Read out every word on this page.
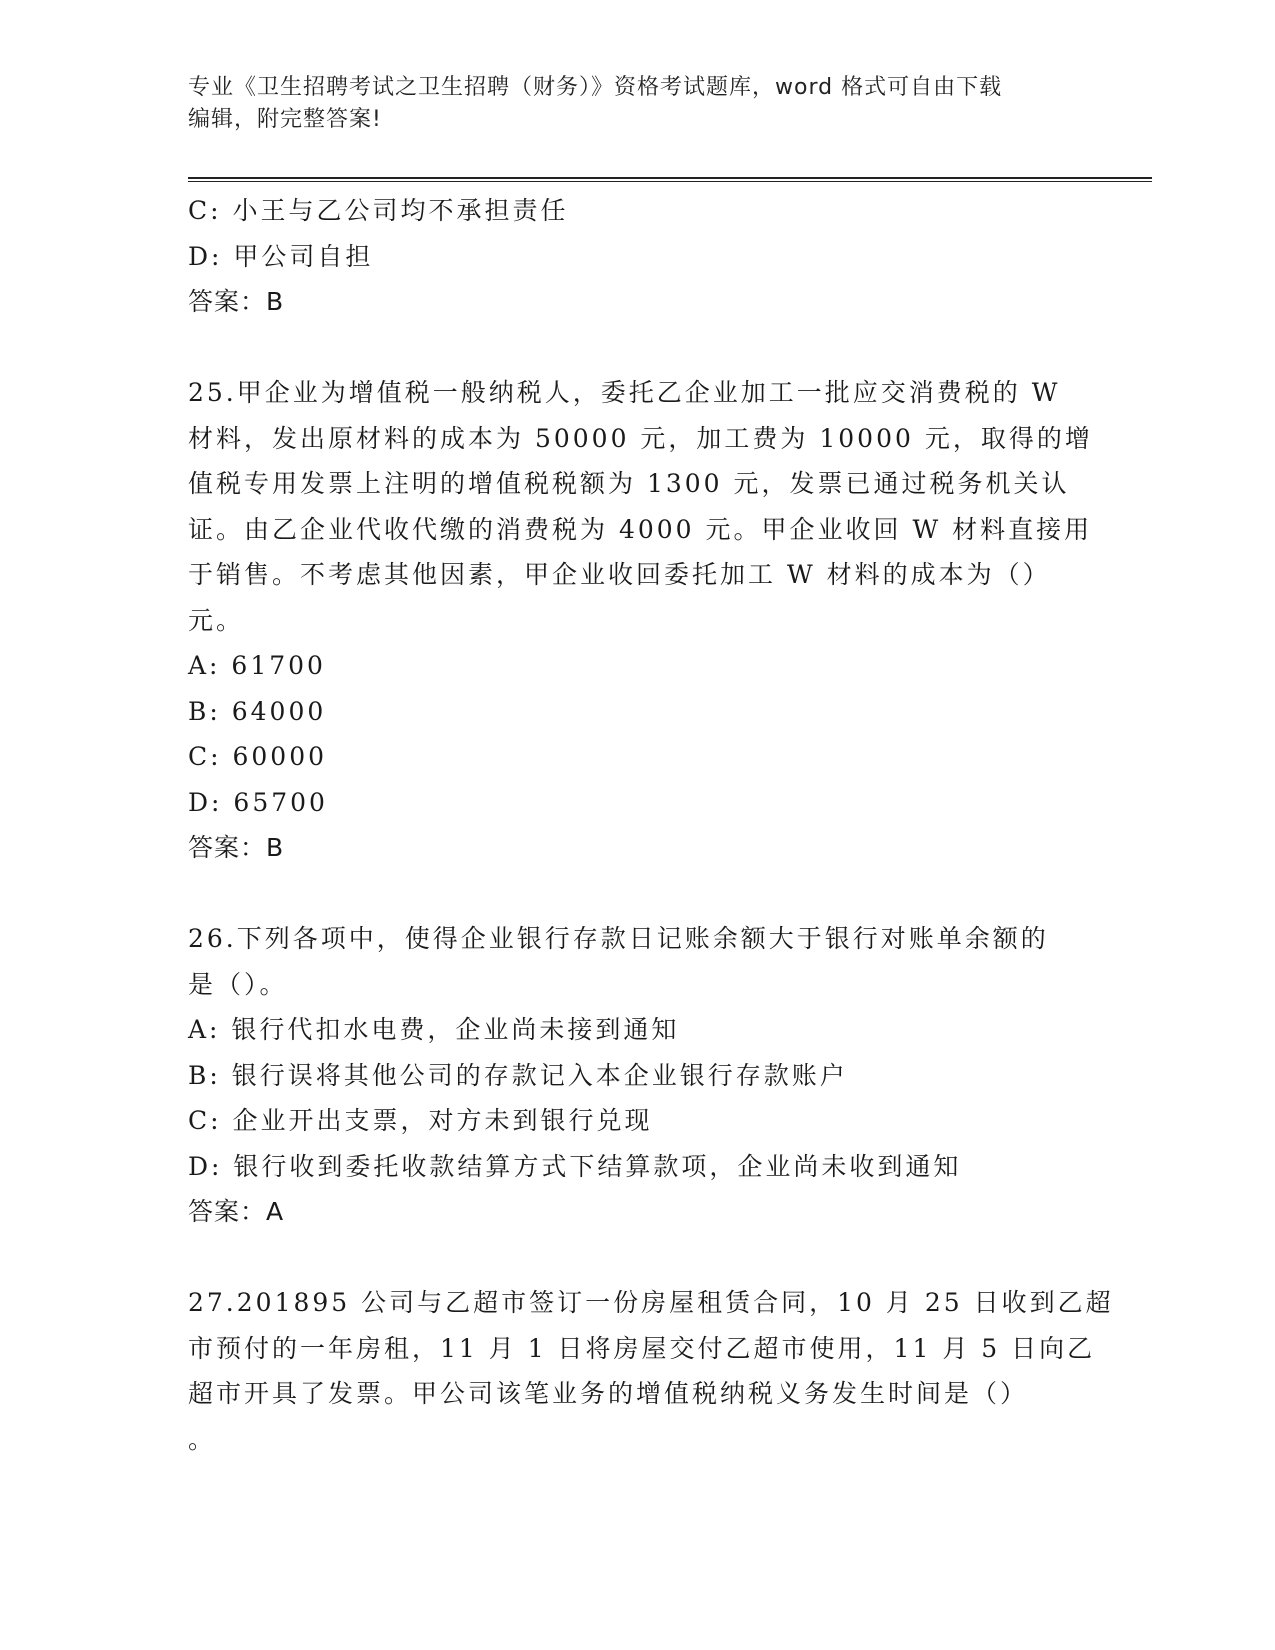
专业《卫生招聘考试之卫生招聘（财务）》资格考试题库，word 格式可自由下载
编辑，附完整答案!
C: 小王与乙公司均不承担责任
D: 甲公司自担
答案：B
25.甲企业为增值税一般纳税人，委托乙企业加工一批应交消费税的 W
材料，发出原材料的成本为 50000 元，加工费为 10000 元，取得的增
值税专用发票上注明的增值税税额为 1300 元，发票已通过税务机关认
证。由乙企业代收代缴的消费税为 4000 元。甲企业收回 W 材料直接用
于销售。不考虑其他因素，甲企业收回委托加工 W 材料的成本为（）
元。
A: 61700
B: 64000
C: 60000
D: 65700
答案：B
26.下列各项中，使得企业银行存款日记账余额大于银行对账单余额的
是（）。
A: 银行代扣水电费，企业尚未接到通知
B: 银行误将其他公司的存款记入本企业银行存款账户
C: 企业开出支票，对方未到银行兑现
D: 银行收到委托收款结算方式下结算款项，企业尚未收到通知
答案：A
27.201895 公司与乙超市签订一份房屋租赁合同，10 月 25 日收到乙超
市预付的一年房租，11 月 1 日将房屋交付乙超市使用，11 月 5 日向乙
超市开具了发票。甲公司该笔业务的增值税纳税义务发生时间是（）
。
